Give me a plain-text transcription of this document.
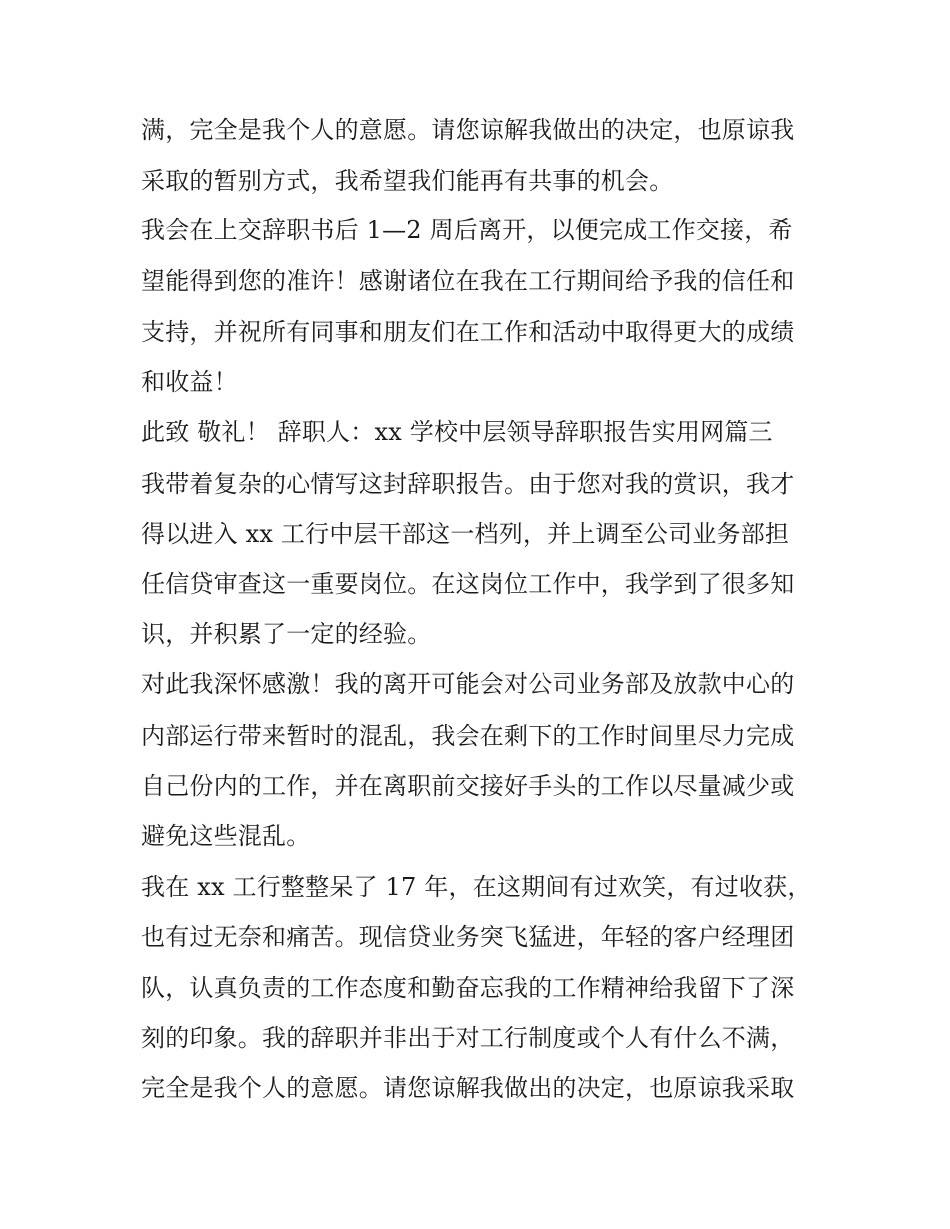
满，完全是我个人的意愿。请您谅解我做出的决定，也原谅我
采取的暂别方式，我希望我们能再有共事的机会。
我会在上交辞职书后 1—2 周后离开，以便完成工作交接，希
望能得到您的准许！感谢诸位在我在工行期间给予我的信任和
支持，并祝所有同事和朋友们在工作和活动中取得更大的成绩
和收益！
此致 敬礼！ 辞职人：xx 学校中层领导辞职报告实用网篇三
我带着复杂的心情写这封辞职报告。由于您对我的赏识，我才
得以进入 xx 工行中层干部这一档列，并上调至公司业务部担
任信贷审查这一重要岗位。在这岗位工作中，我学到了很多知
识，并积累了一定的经验。
对此我深怀感激！我的离开可能会对公司业务部及放款中心的
内部运行带来暂时的混乱，我会在剩下的工作时间里尽力完成
自己份内的工作，并在离职前交接好手头的工作以尽量减少或
避免这些混乱。
我在 xx 工行整整呆了 17 年，在这期间有过欢笑，有过收获，
也有过无奈和痛苦。现信贷业务突飞猛进，年轻的客户经理团
队，认真负责的工作态度和勤奋忘我的工作精神给我留下了深
刻的印象。我的辞职并非出于对工行制度或个人有什么不满，
完全是我个人的意愿。请您谅解我做出的决定，也原谅我采取
